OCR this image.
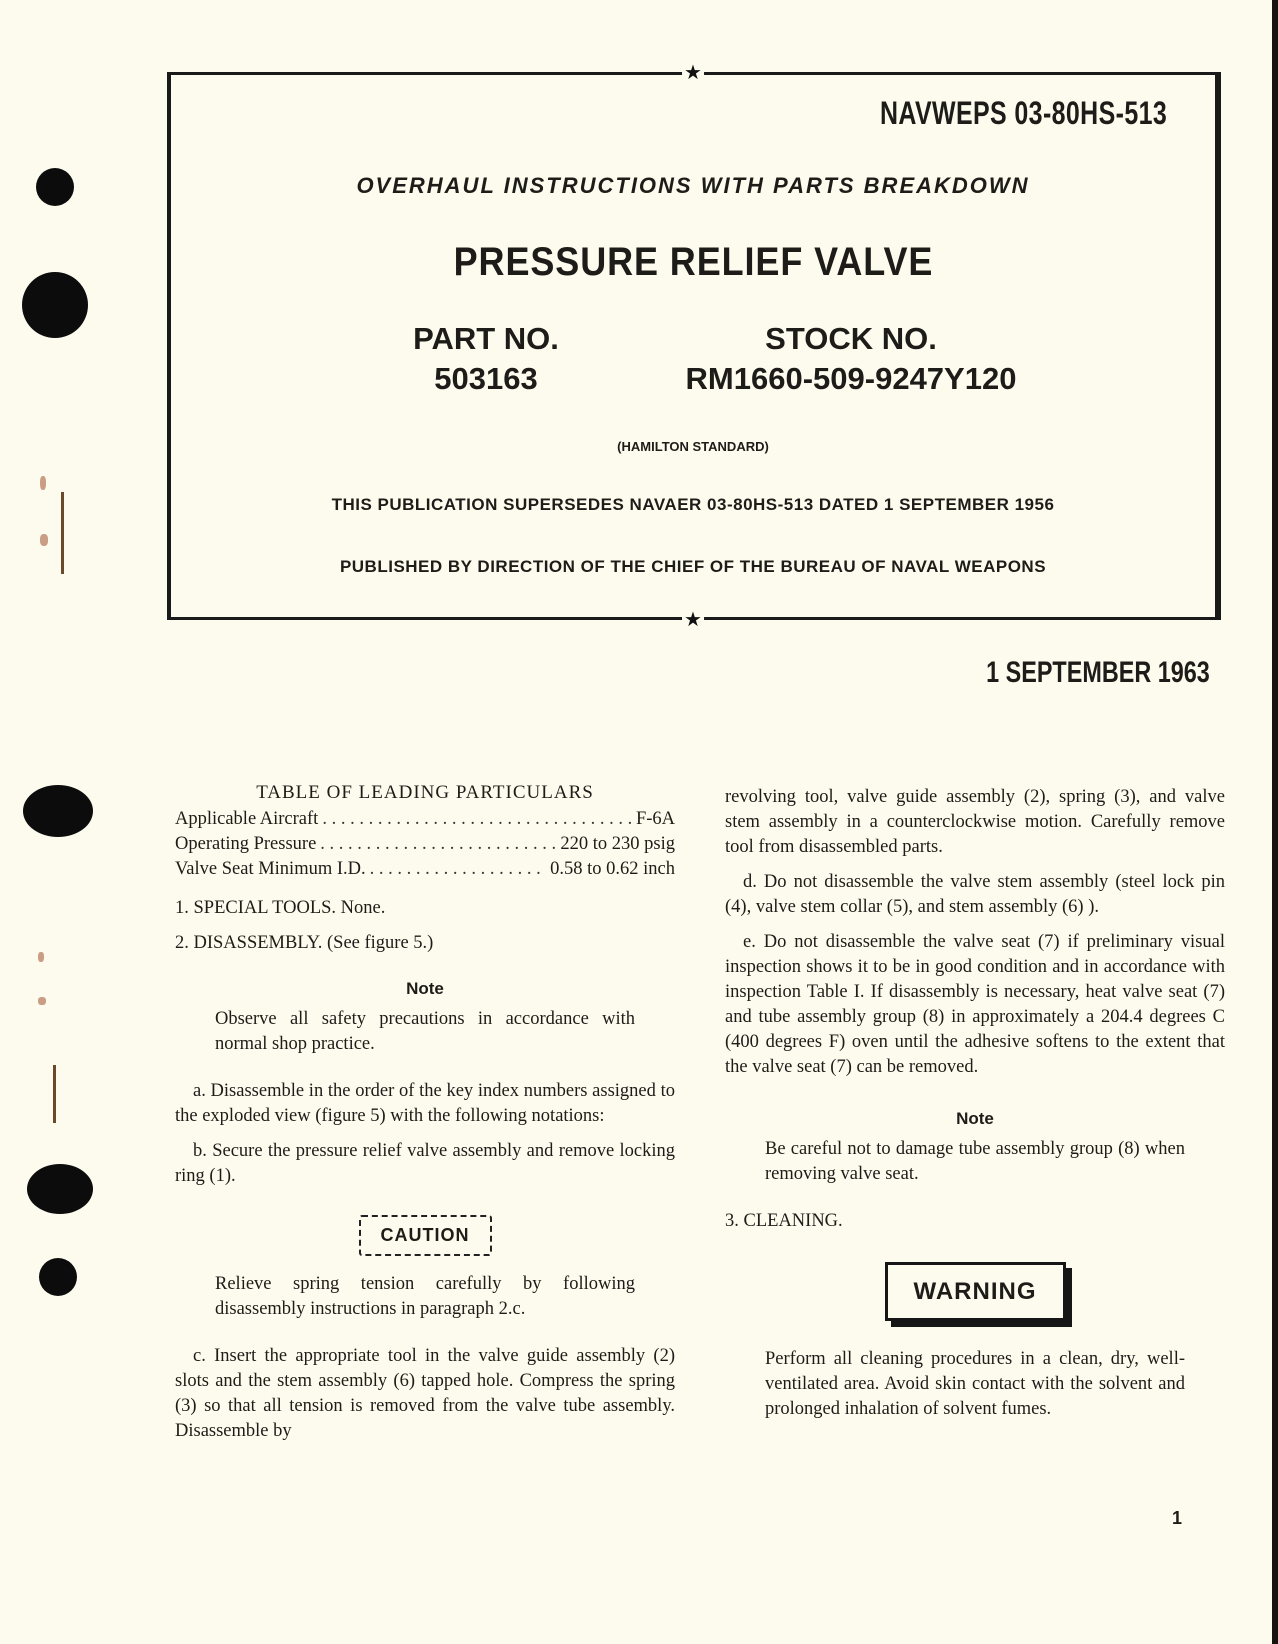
★
★
NAVWEPS 03-80HS-513
OVERHAUL INSTRUCTIONS WITH PARTS BREAKDOWN
PRESSURE RELIEF VALVE
PART NO.
503163
STOCK NO.
RM1660-509-9247Y120
(HAMILTON STANDARD)
THIS PUBLICATION SUPERSEDES NAVAER 03-80HS-513 DATED 1 SEPTEMBER 1956
PUBLISHED BY DIRECTION OF THE CHIEF OF THE BUREAU OF NAVAL WEAPONS
1 SEPTEMBER 1963

TABLE OF LEADING PARTICULARS

Applicable Aircraft . . .	F-6A
Operating Pressure . . .	220 to 230 psig
Valve Seat Minimum I.D. . . .	0.58 to 0.62 inch

1. SPECIAL TOOLS. None.

2. DISASSEMBLY. (See figure 5.)

Note

Observe all safety precautions in accordance with normal shop practice.

a. Disassemble in the order of the key index numbers assigned to the exploded view (figure 5) with the following notations:

b. Secure the pressure relief valve assembly and remove locking ring (1).

CAUTION

Relieve spring tension carefully by following disassembly instructions in paragraph 2.c.

c. Insert the appropriate tool in the valve guide assembly (2) slots and the stem assembly (6) tapped hole. Compress the spring (3) so that all tension is removed from the valve tube assembly. Disassemble by

revolving tool, valve guide assembly (2), spring (3), and valve stem assembly in a counterclockwise motion. Carefully remove tool from disassembled parts.

d. Do not disassemble the valve stem assembly (steel lock pin (4), valve stem collar (5), and stem assembly (6) ).

e. Do not disassemble the valve seat (7) if preliminary visual inspection shows it to be in good condition and in accordance with inspection Table I. If disassembly is necessary, heat valve seat (7) and tube assembly group (8) in approximately a 204.4 degrees C (400 degrees F) oven until the adhesive softens to the extent that the valve seat (7) can be removed.

Note

Be careful not to damage tube assembly group (8) when removing valve seat.

3. CLEANING.

WARNING

Perform all cleaning procedures in a clean, dry, well-ventilated area. Avoid skin contact with the solvent and prolonged inhalation of solvent fumes.

1
